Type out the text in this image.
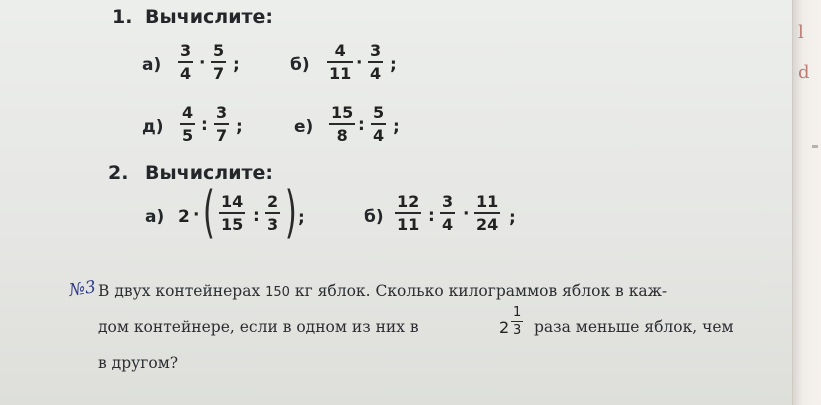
l
d
1. Вычислите:
а)
3
4 ·
5
7 ;	б)
4
11 ·
3
4 ;
д)
4
5 :
3
7 ;	е)
15
8 :
5
4 ;
2. Вычислите:
а) 2 · ( 14
15 :
2
3 ) ;	б)
12
11 :
3
4 ·
11
24 ;
№3 В двух контейнерах 150 кг яблок. Сколько килограммов яблок в каж-
дом контейнере, если в одном из них в	2
1
3 раза меньше яблок, чем
в другом?
